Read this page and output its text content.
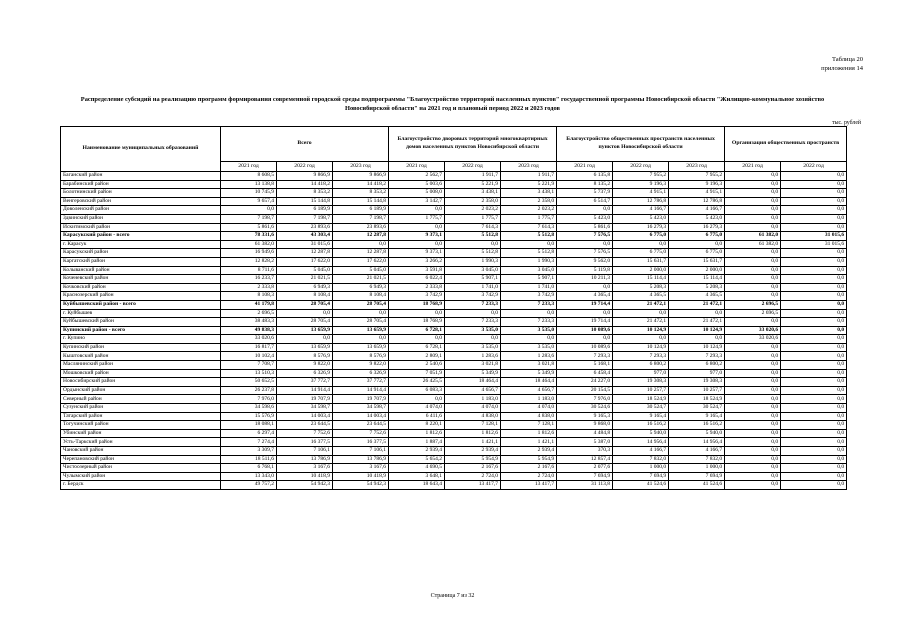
Таблица 20
приложения 14
Распределение субсидий на реализацию программ формирования современной городской среды подпрограммы "Благоустройство территорий населенных пунктов" государственной программы Новосибирской области "Жилищно-коммунальное хозяйство Новосибирской области" на 2021 год и плановый период 2022 и 2023 годов
тыс. рублей
Наименование муниципальных образований	Всего			Благоустройство дворовых территорий многоквартирных домов населенных пунктов Новосибирской области			Благоустройство общественных пространств населенных пунктов Новосибирской области			Организация общественных пространств	
	2021 год	2022 год	2023 год	2021 год	2022 год	2023 год	2021 год	2022 год	2023 год	2021 год	2022 год
Баганский район	8 608,5	9 866,9	9 866,9	2 562,7	1 911,7	1 911,7	6 135,8	7 955,2	7 955,2	0,0	0,0
Барабинский район	13 138,8	14 418,2	14 418,2	5 003,6	5 221,9	5 221,9	8 135,2	9 196,3	9 196,3	0,0	0,0
Болотнинский район	10 745,9	8 353,2	8 353,2	5 008,0	3 438,1	3 438,1	5 737,9	4 915,1	4 915,1	0,0	0,0
Венгеровский район	9 657,4	15 144,8	15 144,8	3 142,7	2 358,0	2 358,0	6 514,7	12 786,8	12 786,8	0,0	0,0
Доволенский район	0,0	6 189,9	6 189,9	0,0	2 023,2	2 023,2	0,0	4 166,7	4 166,7	0,0	0,0
Здвинский район	7 198,7	7 198,7	7 198,7	1 775,7	1 775,7	1 775,7	5 423,0	5 423,0	5 423,0	0,0	0,0
Искитимский район	5 861,6	23 893,6	23 893,6	0,0	7 614,3	7 614,3	5 861,6	16 279,3	16 279,3	0,0	0,0
Карасукский район - всего	78 331,6	43 303,4	12 287,8	9 373,1	5 512,8	5 512,8	7 576,5	6 775,0	6 775,0	61 382,0	31 015,6
г. Карасук	61 382,0	31 015,6	0,0	0,0	0,0	0,0	0,0	0,0	0,0	61 382,0	31 015,6
Карасукский район	16 949,6	12 287,8	12 287,8	9 373,1	5 512,8	5 512,8	7 576,5	6 775,0	6 775,0	0,0	0,0
Каргатский район	12 828,2	17 622,0	17 622,0	3 266,2	1 990,3	1 990,3	9 562,0	15 631,7	15 631,7	0,0	0,0
Колыванский район	8 711,6	5 045,0	5 045,0	3 591,8	3 045,0	3 045,0	5 119,8	2 000,0	2 000,0	0,0	0,0
Коченевский район	16 233,7	21 021,5	21 021,5	6 022,4	5 907,1	5 907,1	10 211,3	15 114,4	15 114,4	0,0	0,0
Кочковский район	2 333,8	6 949,3	6 949,3	2 333,8	1 741,0	1 741,0	0,0	5 208,3	5 208,3	0,0	0,0
Краснозерский район	8 108,3	8 108,4	8 108,4	3 742,9	3 742,9	3 742,9	4 365,4	4 365,5	4 365,5	0,0	0,0
Куйбышевский район - всего	41 179,8	28 705,4	28 705,4	18 768,9	7 233,3	7 233,3	19 714,4	21 472,1	21 472,1	2 696,5	0,0
г. Куйбышев	2 696,5	0,0	0,0	0,0	0,0	0,0	0,0	0,0	0,0	2 696,5	0,0
Куйбышевский район	38 483,3	28 705,4	28 705,4	18 768,9	7 233,3	7 233,3	19 714,4	21 472,1	21 472,1	0,0	0,0
Купинский район - всего	49 838,3	13 659,9	13 659,9	6 728,1	3 535,0	3 535,0	10 089,6	10 124,9	10 124,9	33 020,6	0,0
г. Купино	33 020,6	0,0	0,0	0,0	0,0	0,0	0,0	0,0	0,0	33 020,6	0,0
Купинский район	16 817,7	13 659,9	13 659,9	6 728,1	3 535,0	3 535,0	10 089,6	10 124,9	10 124,9	0,0	0,0
Кыштовский район	10 102,4	8 576,9	8 576,9	2 809,1	1 283,6	1 283,6	7 293,3	7 293,3	7 293,3	0,0	0,0
Маслянинский район	7 708,7	9 822,0	9 822,0	2 540,6	3 021,8	3 021,8	5 168,1	6 800,2	6 800,2	0,0	0,0
Мошковский район	13 510,3	6 326,9	6 326,9	7 051,9	5 349,9	5 349,9	6 458,4	977,0	977,0	0,0	0,0
Новосибирский район	50 652,5	37 772,7	37 772,7	26 425,5	18 464,4	18 464,4	24 227,0	19 308,3	19 308,3	0,0	0,0
Ордынский район	26 237,8	14 914,4	14 914,4	6 083,3	4 656,7	4 656,7	20 154,5	10 257,7	10 257,7	0,0	0,0
Северный район	7 976,0	19 707,9	19 707,9	0,0	1 183,0	1 183,0	7 976,0	18 524,9	18 524,9	0,0	0,0
Сузунский район	34 598,6	34 598,7	34 598,7	4 074,0	4 074,0	4 074,0	30 524,6	30 524,7	30 524,7	0,0	0,0
Татарский район	15 576,9	14 003,4	14 003,4	6 411,6	4 838,0	4 838,0	9 165,3	9 165,4	9 165,4	0,0	0,0
Тогучинский район	18 088,1	23 644,5	23 644,5	8 220,1	7 128,1	7 128,1	9 868,0	16 516,2	16 516,2	0,0	0,0
Убинский район	6 297,4	7 752,6	7 752,6	1 812,6	1 812,6	1 812,6	4 484,8	5 940,0	5 940,0	0,0	0,0
Усть-Таркский район	7 274,4	16 377,5	16 377,5	1 887,4	1 421,1	1 421,1	5 387,0	14 956,4	14 956,4	0,0	0,0
Чановский район	3 309,7	7 106,1	7 106,1	2 939,4	2 939,4	2 939,4	370,3	4 166,7	4 166,7	0,0	0,0
Черепановский район	18 511,6	13 786,9	13 786,9	5 654,2	5 954,9	5 954,9	12 857,4	7 832,0	7 832,0	0,0	0,0
Чистоозерный район	6 768,1	3 167,6	3 167,6	4 690,5	2 167,6	2 167,6	2 077,6	1 000,0	1 000,0	0,0	0,0
Чулымский район	13 343,0	10 418,9	10 418,9	3 648,1	2 724,0	2 724,0	7 694,9	7 694,9	7 694,9	0,0	0,0
г. Бердск	49 757,2	54 942,3	54 942,3	18 643,4	13 417,7	13 417,7	31 113,8	41 524,6	41 524,6	0,0	0,0
Страница 7 из 32
